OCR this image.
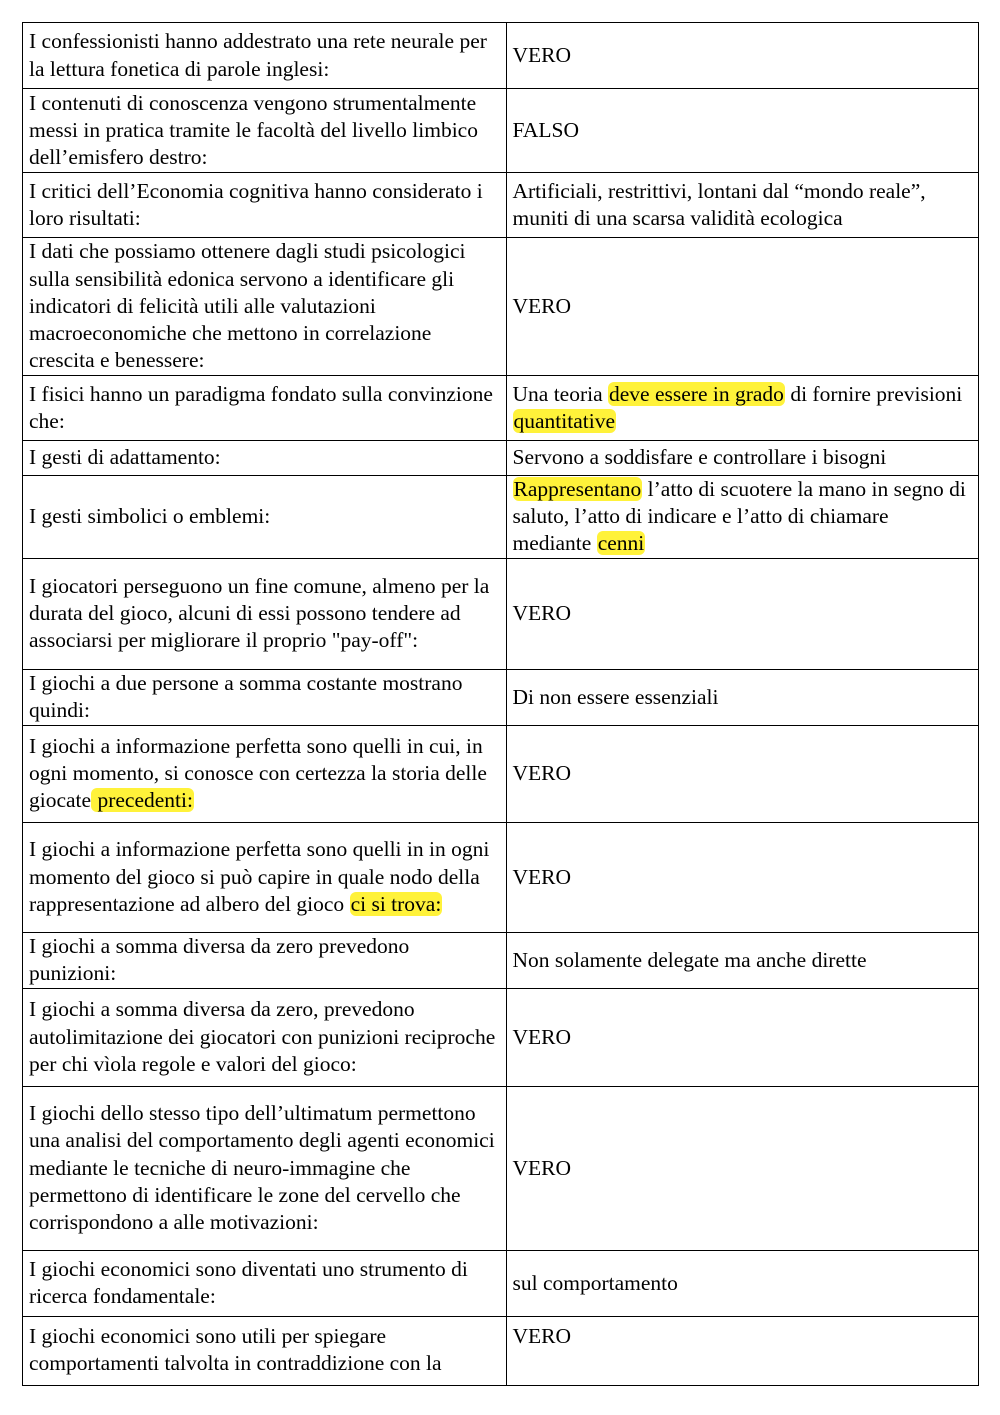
I confessionisti hanno addestrato una rete neurale per la lettura fonetica di parole inglesi:	VERO
I contenuti di conoscenza vengono strumentalmente messi in pratica tramite le facoltà del livello limbico dell’emisfero destro:	FALSO
I critici dell’Economia cognitiva hanno considerato i loro risultati:	Artificiali, restrittivi, lontani dal “mondo reale”, muniti di una scarsa validità ecologica
I dati che possiamo ottenere dagli studi psicologici sulla sensibilità edonica servono a identificare gli indicatori di felicità utili alle valutazioni macroeconomiche che mettono in correlazione crescita e benessere:	VERO
I fisici hanno un paradigma fondato sulla convinzione che:	Una teoria deve essere in grado di fornire previsioni quantitative
I gesti di adattamento:	Servono a soddisfare e controllare i bisogni
I gesti simbolici o emblemi:	Rappresentano l’atto di scuotere la mano in segno di saluto, l’atto di indicare e l’atto di chiamare mediante cenni
I giocatori perseguono un fine comune, almeno per la durata del gioco, alcuni di essi possono tendere ad associarsi per migliorare il proprio "pay-off":	VERO
I giochi a due persone a somma costante mostrano quindi:	Di non essere essenziali
I giochi a informazione perfetta sono quelli in cui, in ogni momento, si conosce con certezza la storia delle giocate precedenti:	VERO
I giochi a informazione perfetta sono quelli in in ogni momento del gioco si può capire in quale nodo della rappresentazione ad albero del gioco ci si trova:	VERO
I giochi a somma diversa da zero prevedono punizioni:	Non solamente delegate ma anche dirette
I giochi a somma diversa da zero, prevedono autolimitazione dei giocatori con punizioni reciproche per chi vìola regole e valori del gioco:	VERO
I giochi dello stesso tipo dell’ultimatum permettono una analisi del comportamento degli agenti economici mediante le tecniche di neuro-immagine che permettono di identificare le zone del cervello che corrispondono a alle motivazioni:	VERO
I giochi economici sono diventati uno strumento di ricerca fondamentale:	sul comportamento
I giochi economici sono utili per spiegare comportamenti talvolta in contraddizione con la	VERO
